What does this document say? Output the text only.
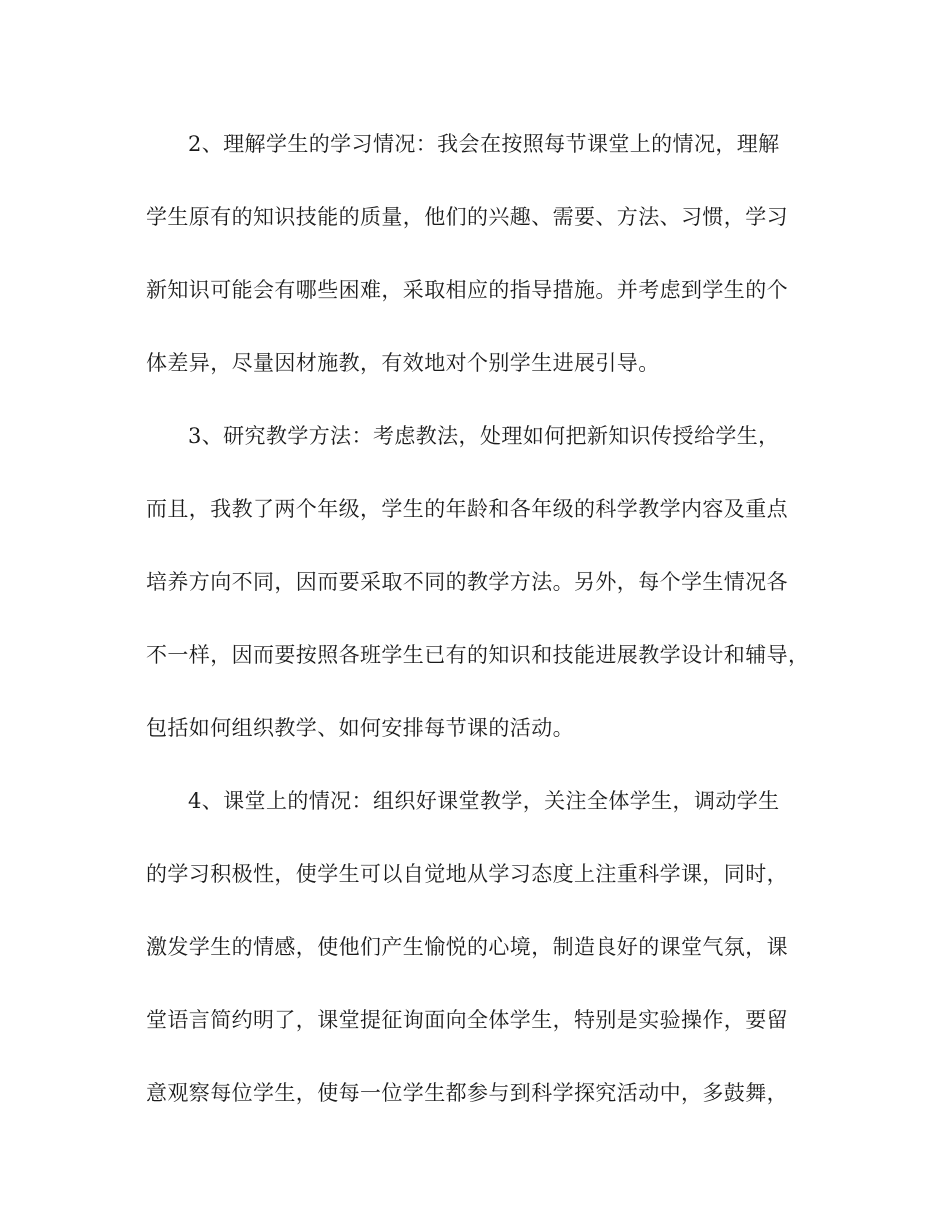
2、理解学生的学习情况：我会在按照每节课堂上的情况，理解

学生原有的知识技能的质量，他们的兴趣、需要、方法、习惯，学习

新知识可能会有哪些困难，采取相应的指导措施。并考虑到学生的个

体差异，尽量因材施教，有效地对个别学生进展引导。

3、研究教学方法：考虑教法，处理如何把新知识传授给学生，

而且，我教了两个年级，学生的年龄和各年级的科学教学内容及重点

培养方向不同，因而要采取不同的教学方法。另外，每个学生情况各

不一样，因而要按照各班学生已有的知识和技能进展教学设计和辅导，

包括如何组织教学、如何安排每节课的活动。

4、课堂上的情况：组织好课堂教学，关注全体学生，调动学生

的学习积极性，使学生可以自觉地从学习态度上注重科学课，同时，

激发学生的情感，使他们产生愉悦的心境，制造良好的课堂气氛，课

堂语言简约明了，课堂提征询面向全体学生，特别是实验操作，要留

意观察每位学生，使每一位学生都参与到科学探究活动中，多鼓舞，
